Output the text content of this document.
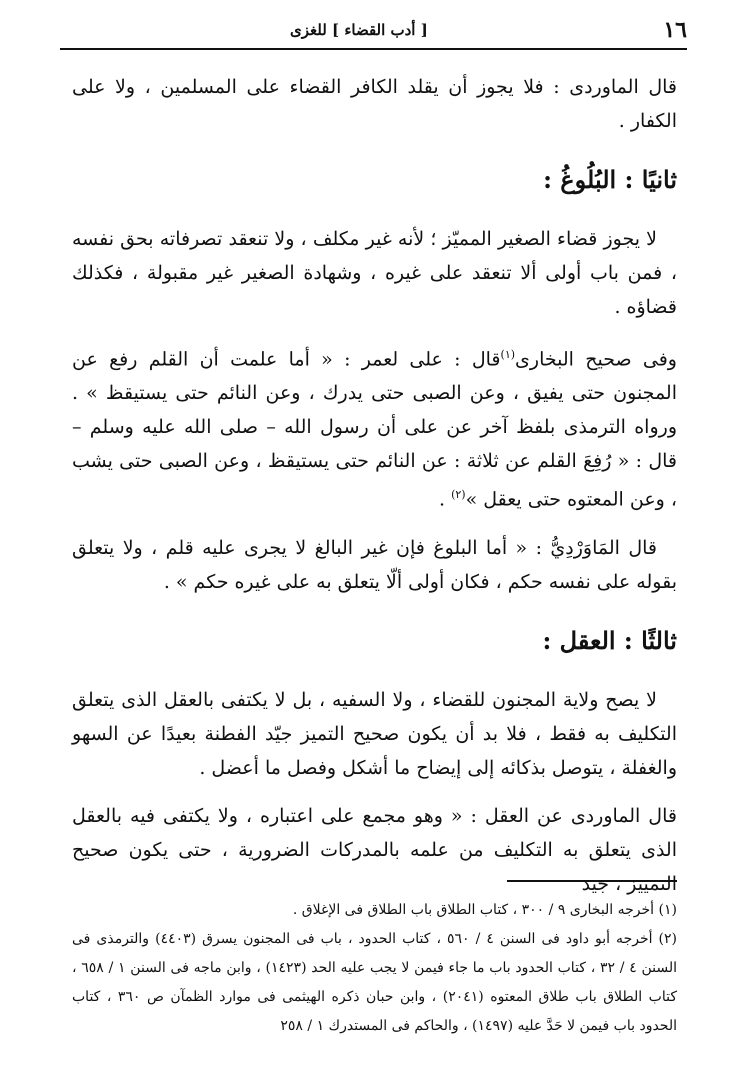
١٦
[ أدب القضاء ] للغزى

قال الماوردى : فلا يجوز أن يقلد الكافر القضاء على المسلمين ، ولا على الكفار .

ثانيًا : البُلُوغُ :

لا يجوز قضاء الصغير المميّز ؛ لأنه غير مكلف ، ولا تنعقد تصرفاته بحق نفسه ، فمن باب أولى ألا تنعقد على غيره ، وشهادة الصغير غير مقبولة ، فكذلك قضاؤه .

وفى صحيح البخارى$^{(١)}$قال : على لعمر : « أما علمت أن القلم رفع عن المجنون حتى يفيق ، وعن الصبى حتى يدرك ، وعن النائم حتى يستيقظ » . ورواه الترمذى بلفظ آخر عن على أن رسول الله – صلى الله عليه وسلم – قال : « رُفِعَ القلم عن ثلاثة : عن النائم حتى يستيقظ ، وعن الصبى حتى يشب ، وعن المعتوه حتى يعقل »$^{(٢)}$ .

قال المَاوَرْدِيُّ : « أما البلوغ فإن غير البالغ لا يجرى عليه قلم ، ولا يتعلق بقوله على نفسه حكم ، فكان أولى ألّا يتعلق به على غيره حكم » .

ثالثًا : العقل :

لا يصح ولاية المجنون للقضاء ، ولا السفيه ، بل لا يكتفى بالعقل الذى يتعلق التكليف به فقط ، فلا بد أن يكون صحيح التميز جيّد الفطنة بعيدًا عن السهو والغفلة ، يتوصل بذكائه إلى إيضاح ما أشكل وفصل ما أعضل .

قال الماوردى عن العقل : « وهو مجمع على اعتباره ، ولا يكتفى فيه بالعقل الذى يتعلق به التكليف من علمه بالمدركات الضرورية ، حتى يكون صحيح التمييز ، جيد

(١) أخرجه البخارى ٩ / ٣٠٠ ، كتاب الطلاق باب الطلاق فى الإغلاق .

(٢) أخرجه أبو داود فى السنن ٤ / ٥٦٠ ، كتاب الحدود ، باب فى المجنون يسرق (٤٤٠٣) والترمذى فى السنن ٤ / ٣٢ ، كتاب الحدود باب ما جاء فيمن لا يجب عليه الحد (١٤٢٣) ، وابن ماجه فى السنن ١ / ٦٥٨ ، كتاب الطلاق باب طلاق المعتوه (٢٠٤١) ، وابن حبان ذكره الهيثمى فى موارد الظمآن ص ٣٦٠ ، كتاب الحدود باب فيمن لا حَدَّ عليه (١٤٩٧) ، والحاكم فى المستدرك ١ / ٢٥٨
